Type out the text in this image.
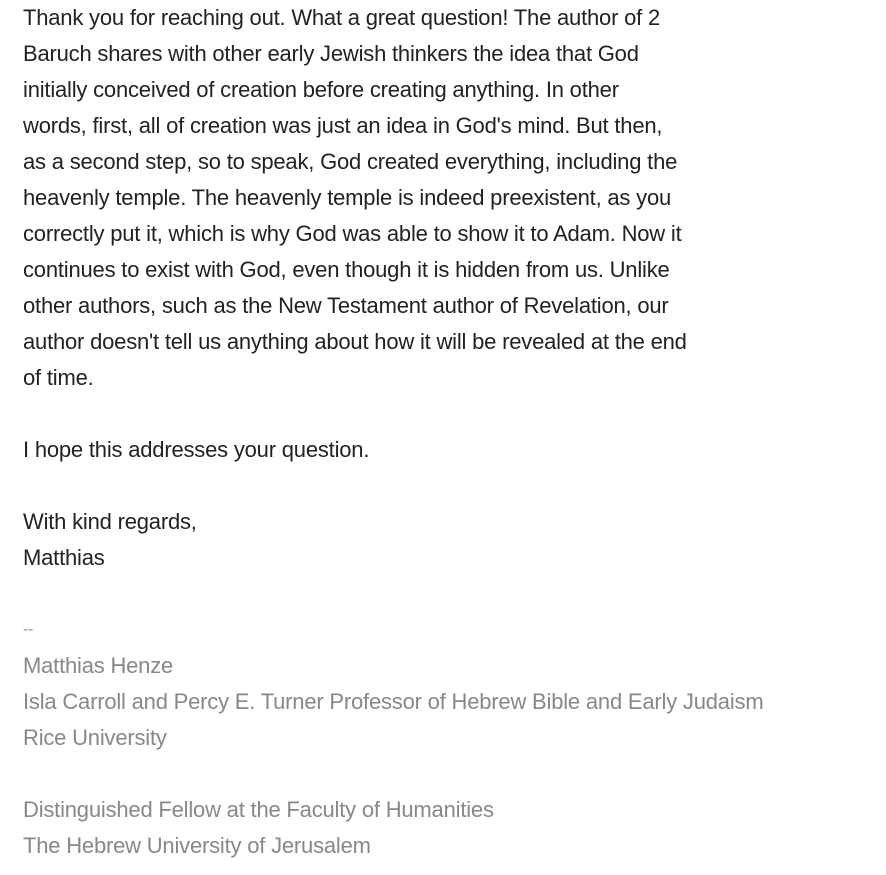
Thank you for reaching out. What a great question! The author of 2
Baruch shares with other early Jewish thinkers the idea that God
initially conceived of creation before creating anything. In other
words, first, all of creation was just an idea in God's mind. But then,
as a second step, so to speak, God created everything, including the
heavenly temple. The heavenly temple is indeed preexistent, as you
correctly put it, which is why God was able to show it to Adam. Now it
continues to exist with God, even though it is hidden from us. Unlike
other authors, such as the New Testament author of Revelation, our
author doesn't tell us anything about how it will be revealed at the end
of time.
I hope this addresses your question.
With kind regards,
Matthias
--
Matthias Henze
Isla Carroll and Percy E. Turner Professor of Hebrew Bible and Early Judaism
Rice University
Distinguished Fellow at the Faculty of Humanities
The Hebrew University of Jerusalem
